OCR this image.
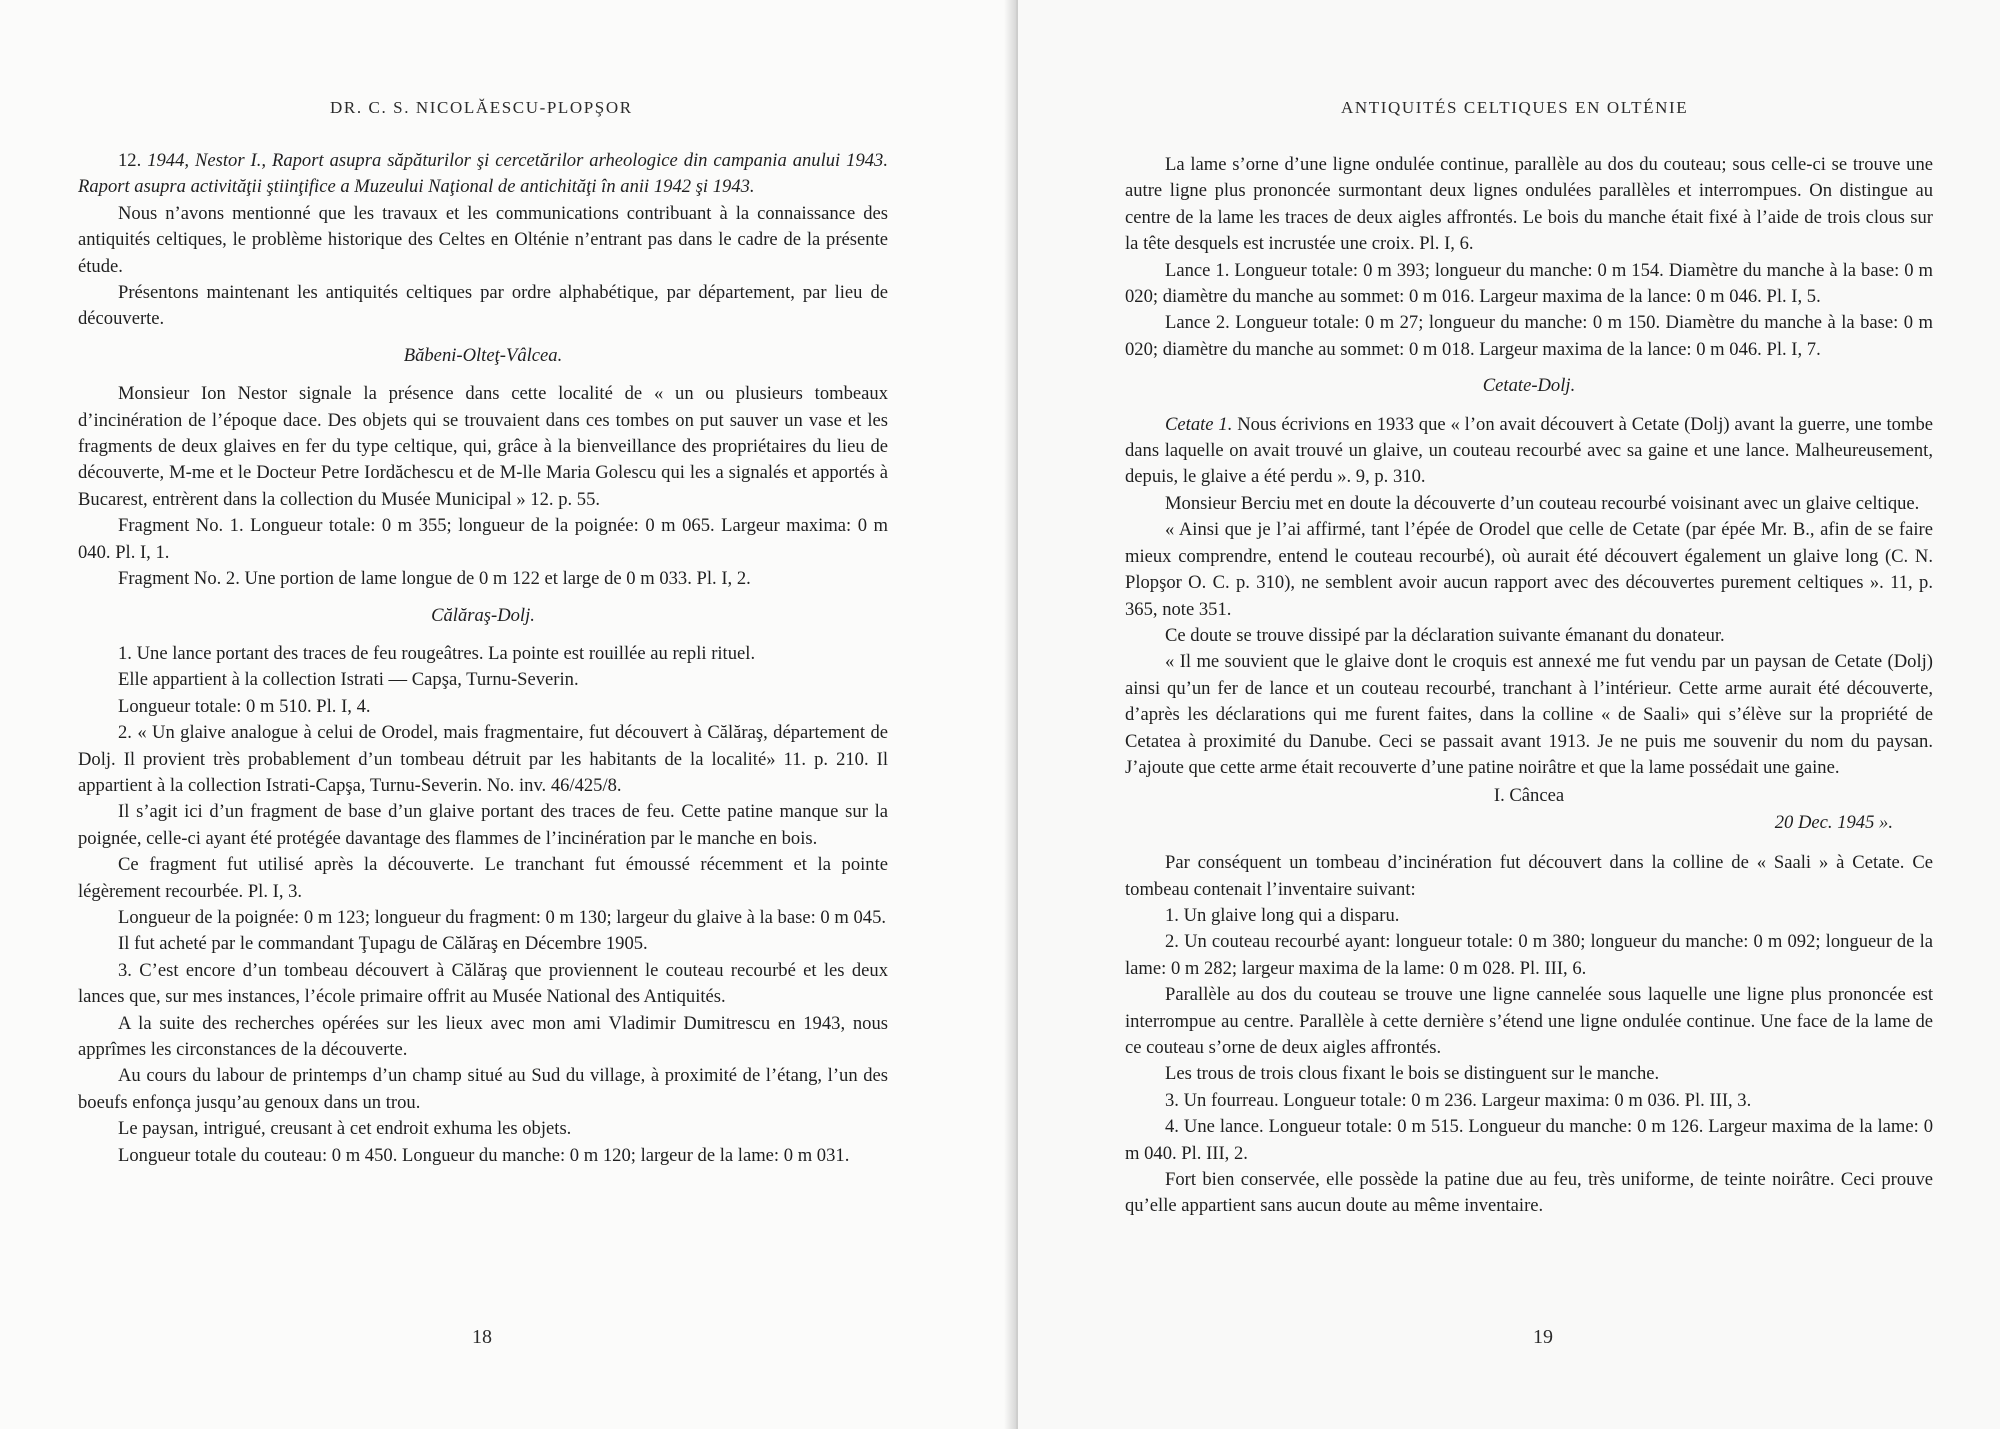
DR. C. S. NICOLĂESCU-PLOPŞOR

12. 1944, Nestor I., Raport asupra săpăturilor şi cercetărilor arheologice din campania anului 1943. Raport asupra activităţii ştiinţifice a Muzeului Naţional de antichităţi în anii 1942 şi 1943.

Nous n’avons mentionné que les travaux et les communications contribuant à la connaissance des antiquités celtiques, le problème historique des Celtes en Olténie n’entrant pas dans le cadre de la présente étude.

Présentons maintenant les antiquités celtiques par ordre alphabétique, par département, par lieu de découverte.

Băbeni-Olteţ-Vâlcea.

Monsieur Ion Nestor signale la présence dans cette localité de « un ou plusieurs tombeaux d’incinération de l’époque dace. Des objets qui se trouvaient dans ces tombes on put sauver un vase et les fragments de deux glaives en fer du type celtique, qui, grâce à la bienveillance des propriétaires du lieu de découverte, M-me et le Docteur Petre Iordăchescu et de M-lle Maria Golescu qui les a signalés et apportés à Bucarest, entrèrent dans la collection du Musée Municipal » 12. p. 55.

Fragment No. 1. Longueur totale: 0 m 355; longueur de la poignée: 0 m 065. Largeur maxima: 0 m 040. Pl. I, 1.

Fragment No. 2. Une portion de lame longue de 0 m 122 et large de 0 m 033. Pl. I, 2.

Călăraş-Dolj.

1. Une lance portant des traces de feu rougeâtres. La pointe est rouillée au repli rituel.

Elle appartient à la collection Istrati — Capşa, Turnu-Severin.

Longueur totale: 0 m 510. Pl. I, 4.

2. « Un glaive analogue à celui de Orodel, mais fragmentaire, fut découvert à Călăraş, département de Dolj. Il provient très probablement d’un tombeau détruit par les habitants de la localité» 11. p. 210. Il appartient à la collection Istrati-Capşa, Turnu-Severin. No. inv. 46/425/8.

Il s’agit ici d’un fragment de base d’un glaive portant des traces de feu. Cette patine manque sur la poignée, celle-ci ayant été protégée davantage des flammes de l’incinération par le manche en bois.

Ce fragment fut utilisé après la découverte. Le tranchant fut émoussé récemment et la pointe légèrement recourbée. Pl. I, 3.

Longueur de la poignée: 0 m 123; longueur du fragment: 0 m 130; largeur du glaive à la base: 0 m 045.

Il fut acheté par le commandant Ţupagu de Călăraş en Décembre 1905.

3. C’est encore d’un tombeau découvert à Călăraş que proviennent le couteau recourbé et les deux lances que, sur mes instances, l’école primaire offrit au Musée National des Antiquités.

A la suite des recherches opérées sur les lieux avec mon ami Vladimir Dumitrescu en 1943, nous apprîmes les circonstances de la découverte.

Au cours du labour de printemps d’un champ situé au Sud du village, à proximité de l’étang, l’un des boeufs enfonça jusqu’au genoux dans un trou.

Le paysan, intrigué, creusant à cet endroit exhuma les objets.

Longueur totale du couteau: 0 m 450. Longueur du manche: 0 m 120; largeur de la lame: 0 m 031.

18
ANTIQUITÉS CELTIQUES EN OLTÉNIE

La lame s’orne d’une ligne ondulée continue, parallèle au dos du couteau; sous celle-ci se trouve une autre ligne plus prononcée surmontant deux lignes ondulées parallèles et interrompues. On distingue au centre de la lame les traces de deux aigles affrontés. Le bois du manche était fixé à l’aide de trois clous sur la tête desquels est incrustée une croix. Pl. I, 6.

Lance 1. Longueur totale: 0 m 393; longueur du manche: 0 m 154. Diamètre du manche à la base: 0 m 020; diamètre du manche au sommet: 0 m 016. Largeur maxima de la lance: 0 m 046. Pl. I, 5.

Lance 2. Longueur totale: 0 m 27; longueur du manche: 0 m 150. Diamètre du manche à la base: 0 m 020; diamètre du manche au sommet: 0 m 018. Largeur maxima de la lance: 0 m 046. Pl. I, 7.

Cetate-Dolj.

Cetate 1. Nous écrivions en 1933 que « l’on avait découvert à Cetate (Dolj) avant la guerre, une tombe dans laquelle on avait trouvé un glaive, un couteau recourbé avec sa gaine et une lance. Malheureusement, depuis, le glaive a été perdu ». 9, p. 310.

Monsieur Berciu met en doute la découverte d’un couteau recourbé voisinant avec un glaive celtique.

« Ainsi que je l’ai affirmé, tant l’épée de Orodel que celle de Cetate (par épée Mr. B., afin de se faire mieux comprendre, entend le couteau recourbé), où aurait été découvert également un glaive long (C. N. Plopşor O. C. p. 310), ne semblent avoir aucun rapport avec des découvertes purement celtiques ». 11, p. 365, note 351.

Ce doute se trouve dissipé par la déclaration suivante émanant du donateur.

« Il me souvient que le glaive dont le croquis est annexé me fut vendu par un paysan de Cetate (Dolj) ainsi qu’un fer de lance et un couteau recourbé, tranchant à l’intérieur. Cette arme aurait été découverte, d’après les déclarations qui me furent faites, dans la colline « de Saali» qui s’élève sur la propriété de Cetatea à proximité du Danube. Ceci se passait avant 1913. Je ne puis me souvenir du nom du paysan. J’ajoute que cette arme était recouverte d’une patine noirâtre et que la lame possédait une gaine.

I. Câncea

20 Dec. 1945 ».

Par conséquent un tombeau d’incinération fut découvert dans la colline de « Saali » à Cetate. Ce tombeau contenait l’inventaire suivant:

1. Un glaive long qui a disparu.

2. Un couteau recourbé ayant: longueur totale: 0 m 380; longueur du manche: 0 m 092; longueur de la lame: 0 m 282; largeur maxima de la lame: 0 m 028. Pl. III, 6.

Parallèle au dos du couteau se trouve une ligne cannelée sous laquelle une ligne plus prononcée est interrompue au centre. Parallèle à cette dernière s’étend une ligne ondulée continue. Une face de la lame de ce couteau s’orne de deux aigles affrontés.

Les trous de trois clous fixant le bois se distinguent sur le manche.

3. Un fourreau. Longueur totale: 0 m 236. Largeur maxima: 0 m 036. Pl. III, 3.

4. Une lance. Longueur totale: 0 m 515. Longueur du manche: 0 m 126. Largeur maxima de la lame: 0 m 040. Pl. III, 2.

Fort bien conservée, elle possède la patine due au feu, très uniforme, de teinte noirâtre. Ceci prouve qu’elle appartient sans aucun doute au même inventaire.

19
